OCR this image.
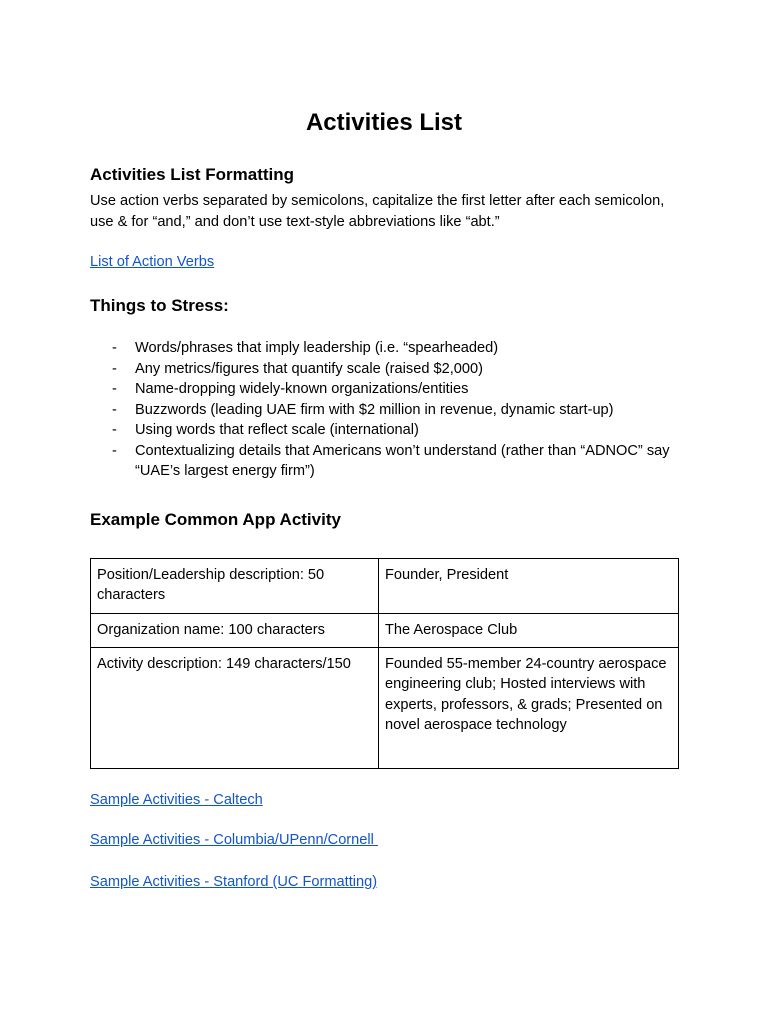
Activities List
Activities List Formatting

Use action verbs separated by semicolons, capitalize the first letter after each semicolon, use & for “and,” and don’t use text-style abbreviations like “abt.”

List of Action Verbs
Things to Stress:
- Words/phrases that imply leadership (i.e. “spearheaded)
- Any metrics/figures that quantify scale (raised $2,000)
- Name-dropping widely-known organizations/entities
- Buzzwords (leading UAE firm with $2 million in revenue, dynamic start-up)
- Using words that reflect scale (international)
- Contextualizing details that Americans won’t understand (rather than “ADNOC” say “UAE’s largest energy firm”)
Example Common App Activity
Position/Leadership description: 50 characters	Founder, President
Organization name: 100 characters	The Aerospace Club
Activity description: 149 characters/150	Founded 55-member 24-country aerospace engineering club; Hosted interviews with experts, professors, & grads; Presented on novel aerospace technology
Sample Activities - Caltech
Sample Activities - Columbia/UPenn/Cornell
Sample Activities - Stanford (UC Formatting)
